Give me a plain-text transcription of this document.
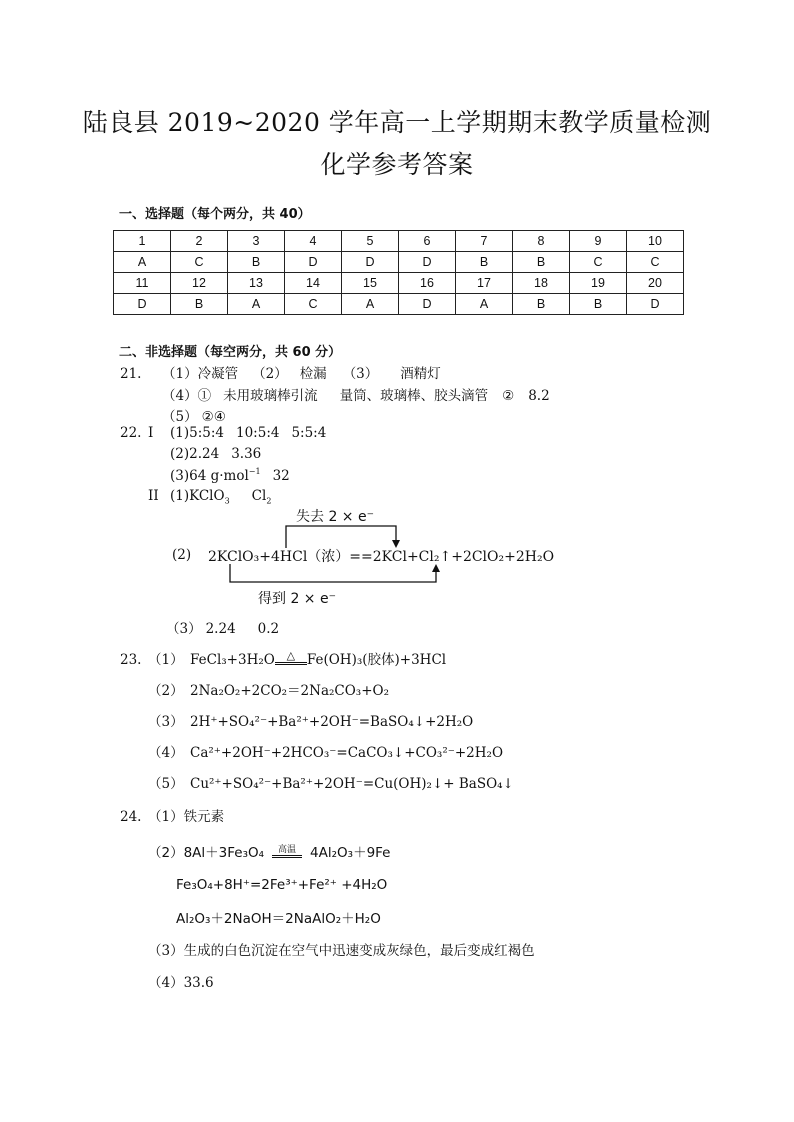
陆良县 2019~2020 学年高一上学期期末教学质量检测
化学参考答案
一、选择题（每个两分，共 40）
1	2	3	4	5	6	7	8	9	10
A	C	B	D	D	D	B	B	C	C
11	12	13	14	15	16	17	18	19	20
D	B	A	C	A	D	A	B	B	D
二、非选择题（每空两分，共 60 分）
21. （1）冷凝管 （2） 检漏 （3） 酒精灯
（4）① 未用玻璃棒引流 量筒、玻璃棒、胶头滴管 ② 8.2
（5） ②④
22. I (1)5:5:4 10:5:4 5:5:4
(2)2.24 3.36
(3)64 g·mol$^{-1}$ 32
II (1)KClO$_3$ $Cl_2$
(2)
失去 2 × e⁻
2KClO₃+4HCl（浓）==2KCl+Cl₂↑+2ClO₂+2H₂O
得到 2 × e⁻
（3） 2.24 0.2
23. （1） FeCl₃+3H₂O △ Fe(OH)₃(胶体)+3HCl
（2） 2Na₂O₂+2CO₂＝2Na₂CO₃+O₂
（3） 2H⁺+SO₄²⁻+Ba²⁺+2OH⁻=BaSO₄↓+2H₂O
（4） Ca²⁺+2OH⁻+2HCO₃⁻=CaCO₃↓+CO₃²⁻+2H₂O
（5） Cu²⁺+SO₄²⁻+Ba²⁺+2OH⁻=Cu(OH)₂↓+ BaSO₄↓
24. （1）铁元素
（2）8Al＋3Fe₃O₄ 高温 4Al₂O₃＋9Fe
Fe₃O₄+8H⁺=2Fe³⁺+Fe²⁺ +4H₂O
Al₂O₃＋2NaOH＝2NaAlO₂＋H₂O
（3）生成的白色沉淀在空气中迅速变成灰绿色，最后变成红褐色
（4）33.6
